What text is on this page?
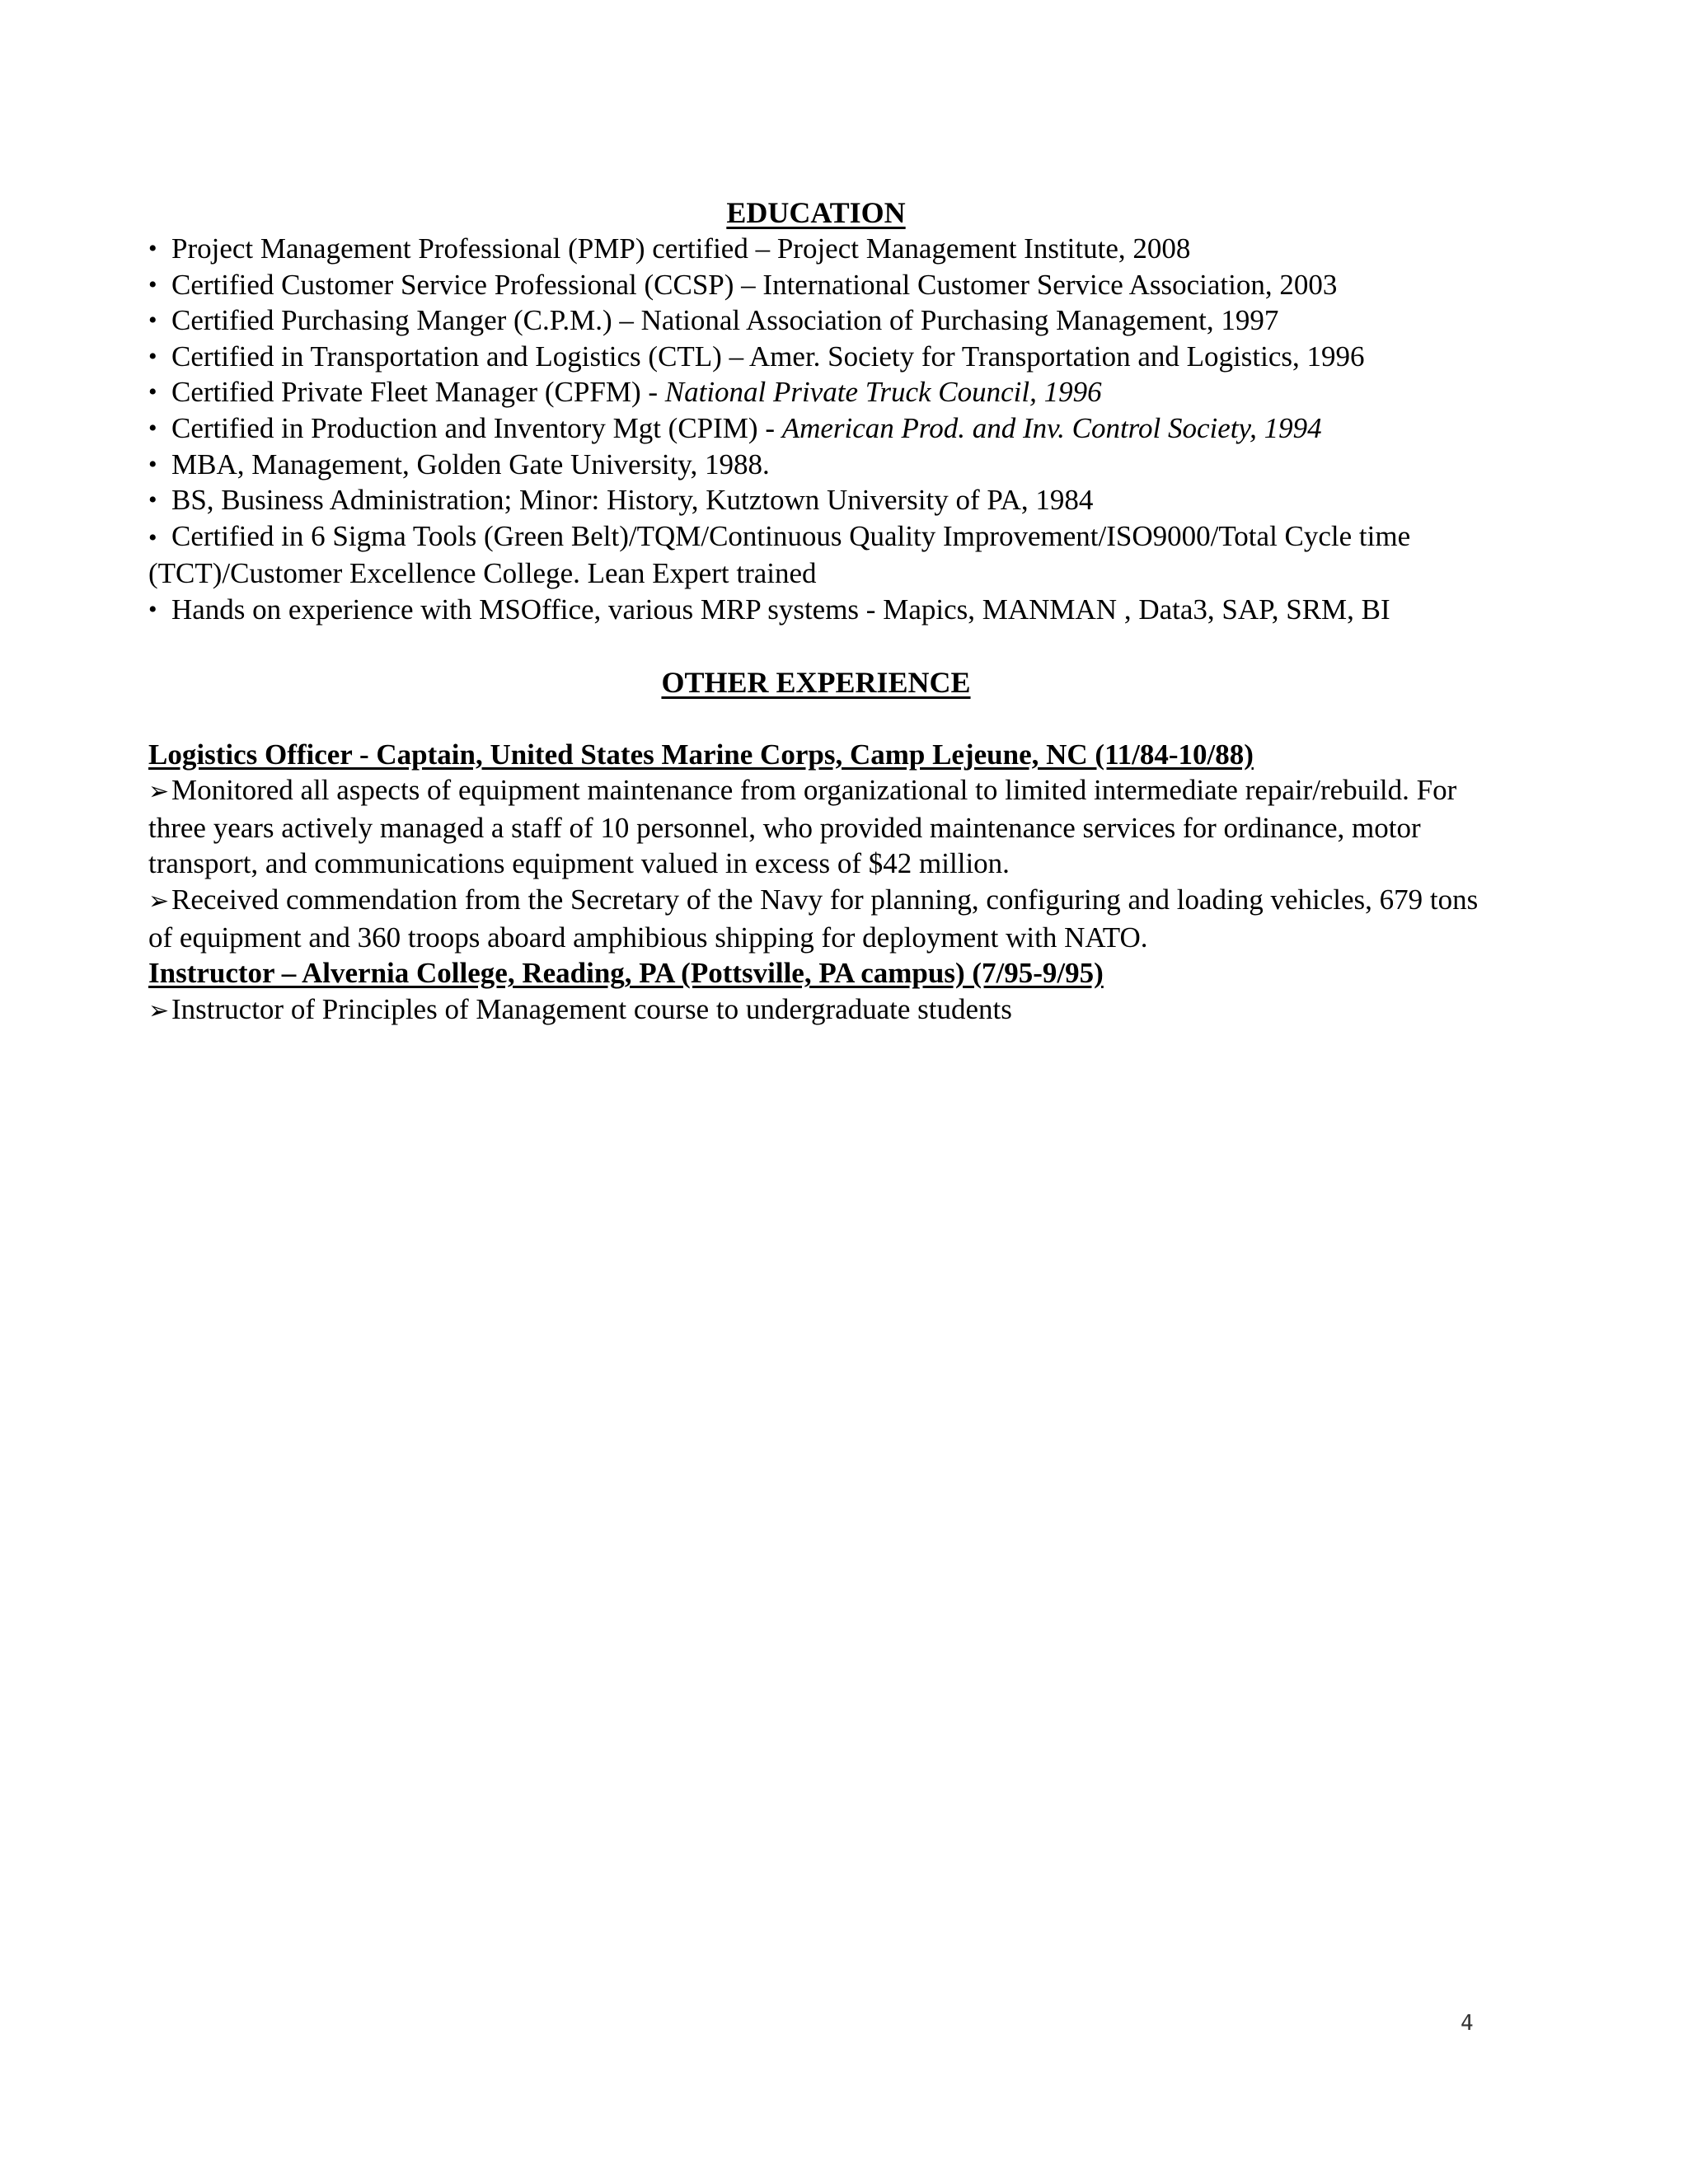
EDUCATION
• Project Management Professional (PMP) certified – Project Management Institute, 2008
• Certified Customer Service Professional (CCSP) – International Customer Service Association, 2003
• Certified Purchasing Manger (C.P.M.) – National Association of Purchasing Management, 1997
• Certified in Transportation and Logistics (CTL) – Amer. Society for Transportation and Logistics, 1996
• Certified Private Fleet Manager (CPFM) - National Private Truck Council, 1996
• Certified in Production and Inventory Mgt (CPIM) - American Prod. and Inv. Control Society, 1994
• MBA, Management, Golden Gate University, 1988.
• BS, Business Administration; Minor: History, Kutztown University of PA, 1984
• Certified in 6 Sigma Tools (Green Belt)/TQM/Continuous Quality Improvement/ISO9000/Total Cycle time (TCT)/Customer Excellence College. Lean Expert trained
• Hands on experience with MSOffice, various MRP systems - Mapics, MANMAN , Data3, SAP, SRM, BI
OTHER EXPERIENCE

Logistics Officer - Captain, United States Marine Corps, Camp Lejeune, NC (11/84-10/88)

➢Monitored all aspects of equipment maintenance from organizational to limited intermediate repair/rebuild. For three years actively managed a staff of 10 personnel, who provided maintenance services for ordinance, motor transport, and communications equipment valued in excess of $42 million.

➢Received commendation from the Secretary of the Navy for planning, configuring and loading vehicles, 679 tons of equipment and 360 troops aboard amphibious shipping for deployment with NATO.

Instructor – Alvernia College, Reading, PA (Pottsville, PA campus) (7/95-9/95)

➢Instructor of Principles of Management course to undergraduate students

4
